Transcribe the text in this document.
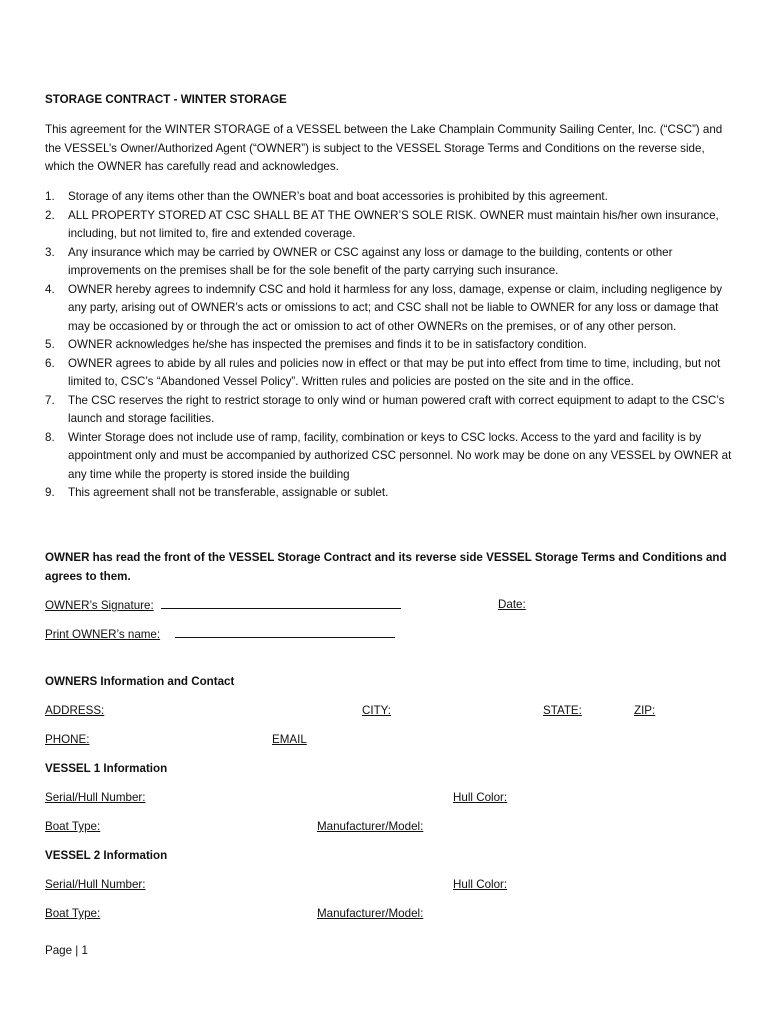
STORAGE CONTRACT - WINTER STORAGE
This agreement for the WINTER STORAGE of a VESSEL between the Lake Champlain Community Sailing Center, Inc. (“CSC”) and the VESSEL’s Owner/Authorized Agent (“OWNER”) is subject to the VESSEL Storage Terms and Conditions on the reverse side, which the OWNER has carefully read and acknowledges.
1. Storage of any items other than the OWNER’s boat and boat accessories is prohibited by this agreement.
2. ALL PROPERTY STORED AT CSC SHALL BE AT THE OWNER’S SOLE RISK. OWNER must maintain his/her own insurance, including, but not limited to, fire and extended coverage.
3. Any insurance which may be carried by OWNER or CSC against any loss or damage to the building, contents or other improvements on the premises shall be for the sole benefit of the party carrying such insurance.
4. OWNER hereby agrees to indemnify CSC and hold it harmless for any loss, damage, expense or claim, including negligence by any party, arising out of OWNER’s acts or omissions to act; and CSC shall not be liable to OWNER for any loss or damage that may be occasioned by or through the act or omission to act of other OWNERs on the premises, or of any other person.
5. OWNER acknowledges he/she has inspected the premises and finds it to be in satisfactory condition.
6. OWNER agrees to abide by all rules and policies now in effect or that may be put into effect from time to time, including, but not limited to, CSC’s “Abandoned Vessel Policy”. Written rules and policies are posted on the site and in the office.
7. The CSC reserves the right to restrict storage to only wind or human powered craft with correct equipment to adapt to the CSC’s launch and storage facilities.
8. Winter Storage does not include use of ramp, facility, combination or keys to CSC locks. Access to the yard and facility is by appointment only and must be accompanied by authorized CSC personnel. No work may be done on any VESSEL by OWNER at any time while the property is stored inside the building
9. This agreement shall not be transferable, assignable or sublet.
OWNER has read the front of the VESSEL Storage Contract and its reverse side VESSEL Storage Terms and Conditions and agrees to them.
OWNER’s Signature:	Date:
Print OWNER’s name:
OWNERS Information and Contact
ADDRESS:	CITY:	STATE:	ZIP:
PHONE:	EMAIL
VESSEL 1 Information
Serial/Hull Number:	Hull Color:
Boat Type:	Manufacturer/Model:
VESSEL 2 Information
Serial/Hull Number:	Hull Color:
Boat Type:	Manufacturer/Model:
Page | 1
